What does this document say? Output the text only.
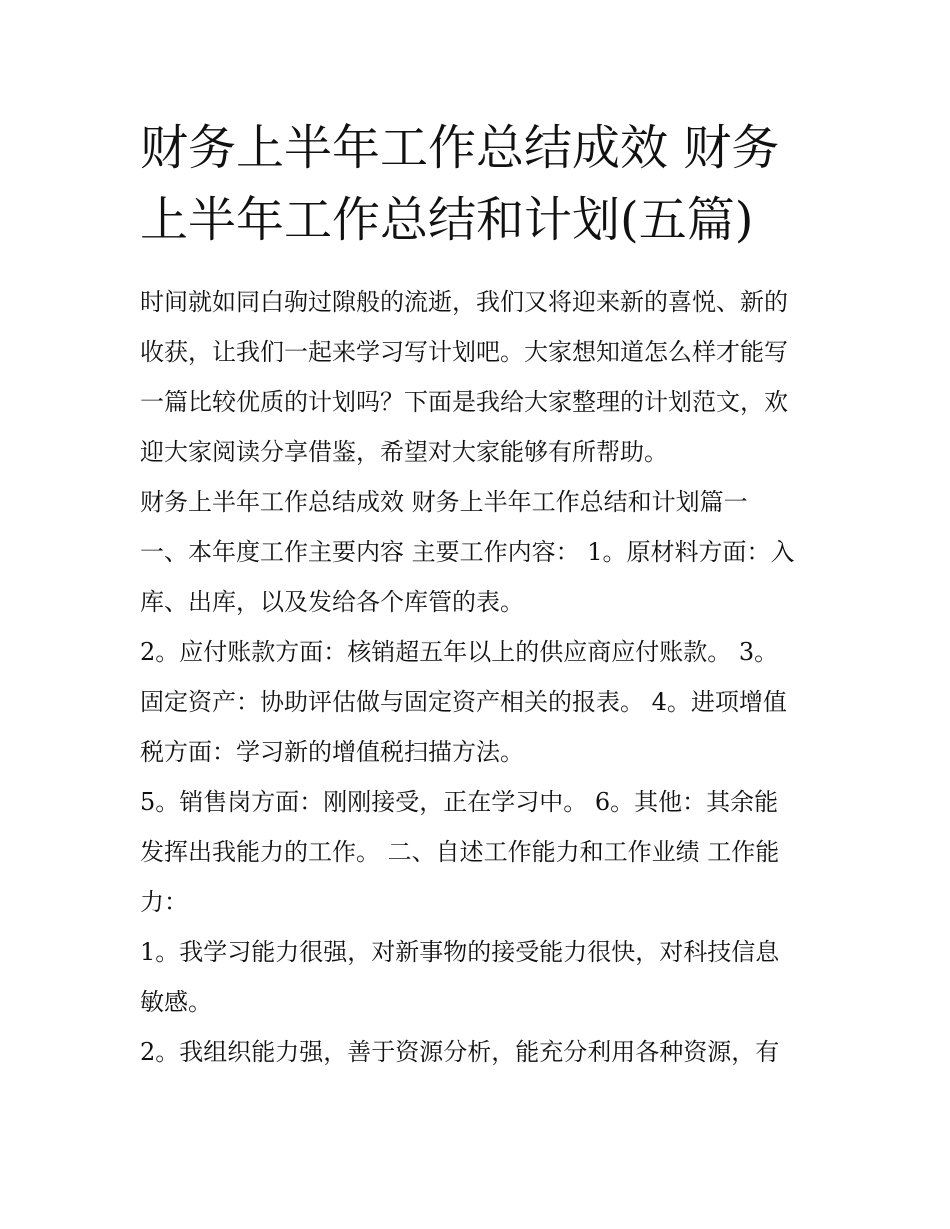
财务上半年工作总结成效 财务
上半年工作总结和计划(五篇)
时间就如同白驹过隙般的流逝，我们又将迎来新的喜悦、新的
收获，让我们一起来学习写计划吧。大家想知道怎么样才能写
一篇比较优质的计划吗？下面是我给大家整理的计划范文，欢
迎大家阅读分享借鉴，希望对大家能够有所帮助。
财务上半年工作总结成效 财务上半年工作总结和计划篇一
一、本年度工作主要内容 主要工作内容： 1。原材料方面：入
库、出库，以及发给各个库管的表。
2。应付账款方面：核销超五年以上的供应商应付账款。 3。
固定资产：协助评估做与固定资产相关的报表。 4。进项增值
税方面：学习新的增值税扫描方法。
5。销售岗方面：刚刚接受，正在学习中。 6。其他：其余能
发挥出我能力的工作。 二、自述工作能力和工作业绩 工作能
力：
1。我学习能力很强，对新事物的接受能力很快，对科技信息
敏感。
2。我组织能力强，善于资源分析，能充分利用各种资源，有
